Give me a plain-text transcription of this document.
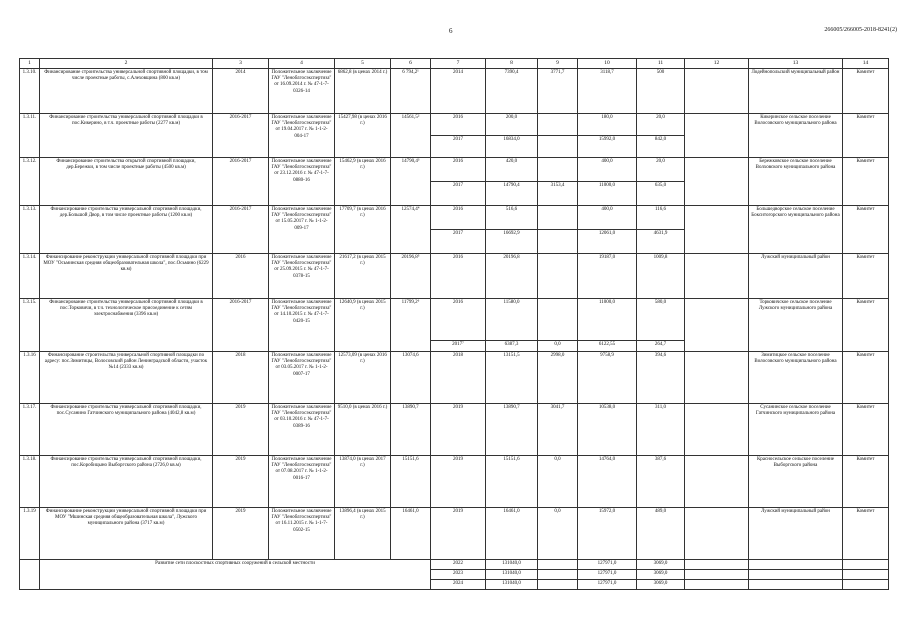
6	266005/266005-2018-8241(2)
1	2	3	4	5	6	7	8	9	10	11	12	13	14
1.3.10.	Финансирование строительства универсальной спортивной площадки, в том числе проектные работы, с.Алеховщина (800 кв.м)	2014	Положительное заключение ГАУ "Леноблгосэкспертиза" от 16.09.2014 г. № 47-1-7-0326-14	6862,8 (в ценах 2014 г.)	6 794,2¹	2014	7390,4	3771,7	3118,7	500		Лодейнопольский муниципальный район	Комитет
1.3.11.	Финансирование строительства универсальной спортивной площадки в пос.Кикерино, в т.ч. проектные работы (2277 кв.м)	2016-2017	Положительное заключение ГАУ "Леноблгосэкспертиза" от 19.04.2017 г. № 1-1-2-004-17	15427,98 (в ценах 2016 г.)	14561,5²	2016	200,0		180,0	20,0		Кикеринское сельское поселение Волосовского муниципального района	Комитет
						2017	16834,0		15992,0	842,0			
1.3.12.	Финансирование строительства открытой спортивной площадки, дер.Бережки, в том числе проектные работы (4500 кв.м)	2016-2017	Положительное заключение ГАУ "Леноблгосэкспертиза" от 23.12.2016 г. № 47-1-7-0880-16	15462,9 (в ценах 2016 г.)	14790,4³	2016	420,0		400,0	20,0		Бережковское сельское поселение Волховского муниципального района	Комитет
						2017	14790,4	3153,4	11000,0	635,0			
1.3.13.	Финансирование строительства универсальной спортивной площадки, дер.Большой Двор, в том числе проектные работы (1200 кв.м)	2016-2017	Положительное заключение ГАУ "Леноблгосэкспертиза" от 15.05.2017 г. № 1-1-2-009-17	17709,7 (в ценах 2016 г.)	12574,4⁴	2016	516,6		400,0	116,6		Большедворское сельское поселение Бокситогорского муниципального района	Комитет
						2017	16692,9		12061,0	4631,9			
1.3.14.	Финансирование реконструкции универсальной спортивной площадки при МОУ "Осьминская средняя общеобразовательная школа", пос.Осьмино (6229 кв.м)	2016	Положительное заключение ГАУ "Леноблгосэкспертиза" от 25.09.2015 г. № 47-1-7-0378-15	21617,2 (в ценах 2015 г.)	20196,8⁵	2016	20196,8		19187,0	1009,8		Лужский муниципальный район	Комитет
1.3.15.	Финансирование строительства универсальной спортивной площадки в пос.Торковичи, в т.ч. технологическое присоединение к сетям электроснабжения (3396 кв.м)	2016-2017	Положительное заключение ГАУ "Леноблгосэкспертиза" от 14.10.2015 г. № 47-1-7-0420-15	12640,9 (в ценах 2015 г.)	11799,2⁶	2016	11580,0		11000,0	580,0		Торковичское сельское поселение Лужского муниципального района	Комитет
						2017⁷	6387,3	0,0	6122,55	264,7			
1.3.16	Финансирование строительства универсальной спортивной площадки по адресу: пос.Зимитицы, Волосовский район Ленинградской области, участок №14 (2333 кв.м)	2018	Положительное заключение ГАУ "Леноблгосэкспертиза" от 03.05.2017 г. № 1-1-2-0007-17	12573,09 (в ценах 2016 г.)	13074,6	2018	13151,5	2998,0	9758,9	394,6		Зимитицкое сельское поселение Волосовского муниципального района	Комитет
1.3.17.	Финансирование строительства универсальной спортивной площадки, пос.Сусанино Гатчинского муниципального района (4042,8 кв.м)	2019	Положительное заключение ГАУ "Леноблгосэкспертиза" от 03.10.2016 г. № 47-1-7-0389-16	9510,0 (в ценах 2016 г.)	13890,7	2019	13890,7	3041,7	10538,0	311,0		Сусанинское сельское поселение Гатчинского муниципального района	Комитет
1.3.18.	Финансирование строительства универсальной спортивной площадки, пос.Коробицыно Выборгского района (2726,0 кв.м)	2019	Положительное заключение ГАУ "Леноблгосэкспертиза" от 07.08.2017 г. № 1-1-2-0016-17	13874,0 (в ценах 2017 г.)	15151,6	2019	15151,6	0,0	14764,0	387,6		Красносельское сельское поселение Выборгского района	Комитет
1.3.19	Финансирование реконструкции универсальной спортивной площадки при МОУ "Мшинская средняя общеобразовательная школа", Лужского муниципального района (3717 кв.м)	2019	Положительное заключение ГАУ "Леноблгосэкспертиза" от 16.11.2015 г. № 1-1-7-0502-15	13896,4 (в ценах 2015 г.)	16461,0	2019	16461,0	0,0	15972,0	489,0		Лужский муниципальный район	Комитет
	Развитие сети плоскостных спортивных сооружений в сельской местности					2022	131040,0		127971,0	3069,0			
						2023	131040,0		127971,0	3069,0			
						2024	131040,0		127971,0	3069,0			
